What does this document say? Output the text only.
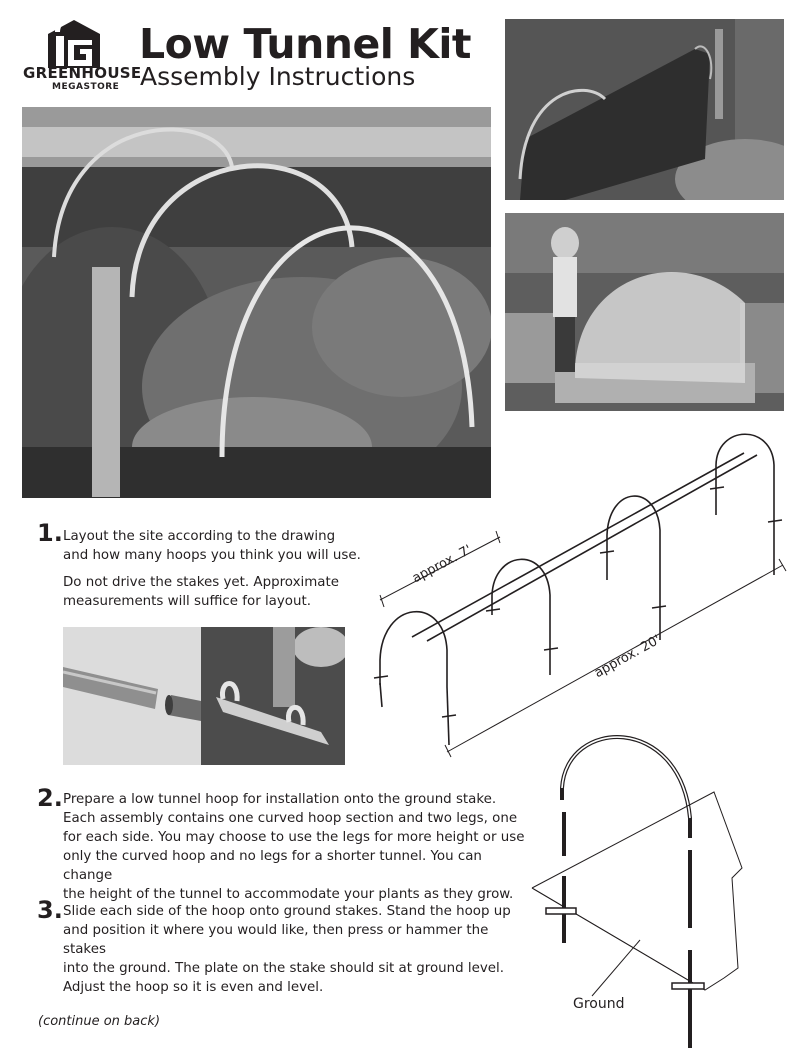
GREENHOUSE
MEGASTORE
Low Tunnel Kit
Assembly Instructions
approx. 7'
approx. 20'
1. Layout the site according to the drawing
and how many hoops you think you will use.
Do not drive the stakes yet. Approximate
measurements will suffice for layout.
2. Prepare a low tunnel hoop for installation onto the ground stake.
Each assembly contains one curved hoop section and two legs, one
for each side. You may choose to use the legs for more height or use
only the curved hoop and no legs for a shorter tunnel. You can change
the height of the tunnel to accommodate your plants as they grow.
3. Slide each side of the hoop onto ground stakes. Stand the hoop up
and position it where you would like, then press or hammer the stakes
into the ground. The plate on the stake should sit at ground level.
Adjust the hoop so it is even and level.
Ground
(continue on back)
